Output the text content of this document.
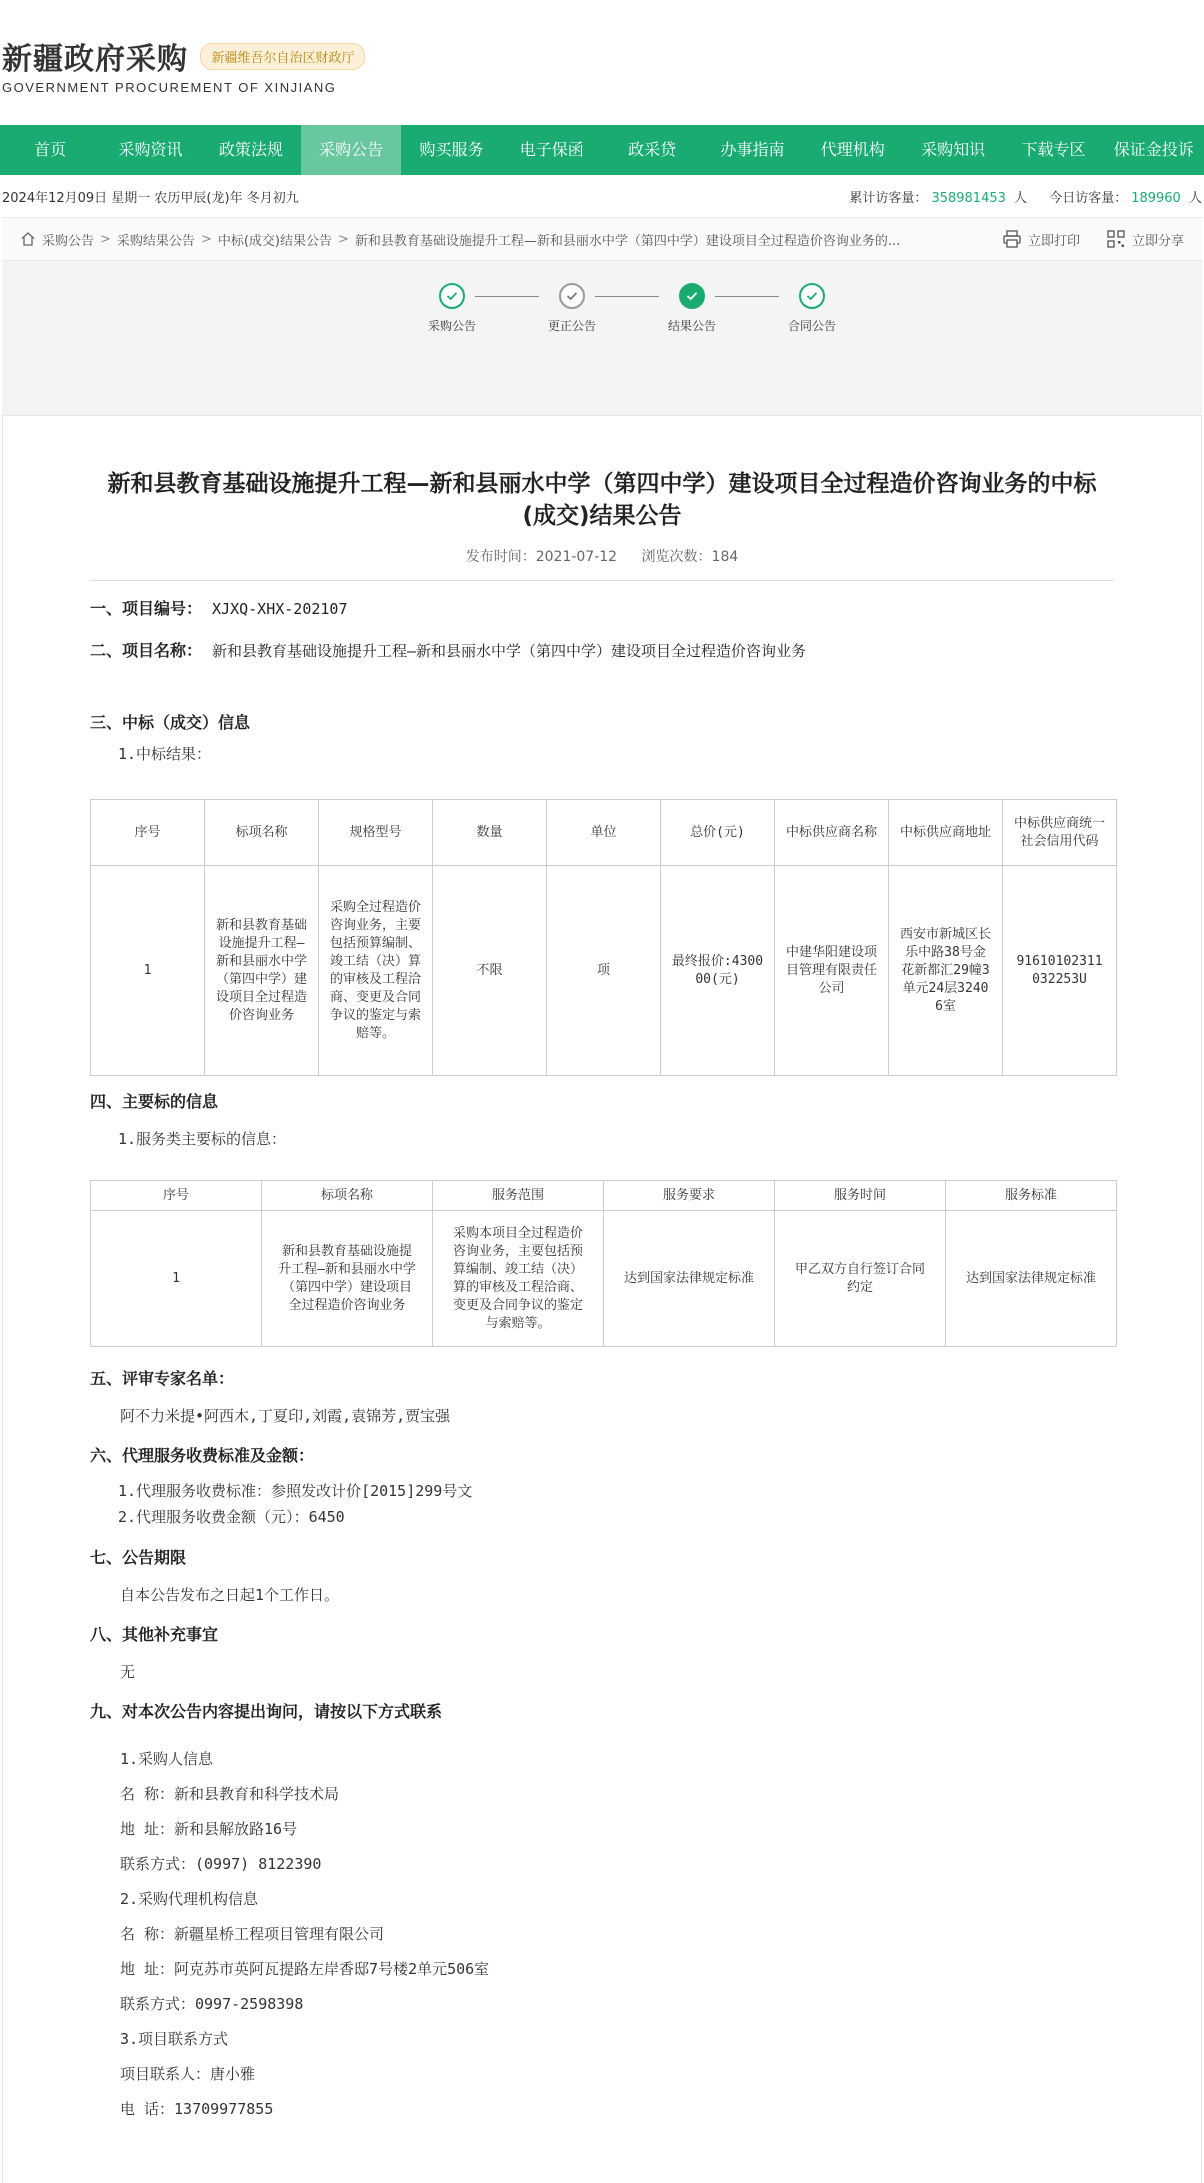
新疆政府采购 新疆维吾尔自治区财政厅
GOVERNMENT PROCUREMENT OF XINJIANG
首页	采购资讯	政策法规	采购公告	购买服务	电子保函	政采贷	办事指南	代理机构	采购知识	下载专区	保证金投诉
2024年12月09日 星期一 农历甲辰(龙)年 冬月初九	累计访客量： 358981453 人 今日访客量： 189960 人
采购公告 > 采购结果公告 > 中标(成交)结果公告 > 新和县教育基础设施提升工程—新和县丽水中学（第四中学）建设项目全过程造价咨询业务的...	立即打印	立即分享
采购公告	更正公告	结果公告	合同公告
新和县教育基础设施提升工程—新和县丽水中学（第四中学）建设项目全过程造价咨询业务的中标(成交)结果公告
发布时间：2021-07-12 浏览次数：184
一、项目编号： XJXQ-XHX-202107
二、项目名称： 新和县教育基础设施提升工程—新和县丽水中学（第四中学）建设项目全过程造价咨询业务
三、中标（成交）信息
1.中标结果：
序号	标项名称	规格型号	数量	单位	总价(元)	中标供应商名称	中标供应商地址	中标供应商统一社会信用代码
1	新和县教育基础设施提升工程—新和县丽水中学（第四中学）建设项目全过程造价咨询业务	采购全过程造价咨询业务，主要包括预算编制、竣工结（决）算的审核及工程洽商、变更及合同争议的鉴定与索赔等。	不限	项	最终报价:430000(元)	中建华阳建设项目管理有限责任公司	西安市新城区长乐中路38号金花新都汇29幢3单元24层32406室	91610102311032253U
四、主要标的信息
1.服务类主要标的信息：
序号	标项名称	服务范围	服务要求	服务时间	服务标准
1	新和县教育基础设施提升工程—新和县丽水中学（第四中学）建设项目全过程造价咨询业务	采购本项目全过程造价咨询业务，主要包括预算编制、竣工结（决）算的审核及工程洽商、变更及合同争议的鉴定与索赔等。	达到国家法律规定标准	甲乙双方自行签订合同约定	达到国家法律规定标准
五、评审专家名单：
阿不力米提•阿西木,丁夏印,刘霞,袁锦芳,贾宝强
六、代理服务收费标准及金额：
1.代理服务收费标准：参照发改计价[2015]299号文
2.代理服务收费金额（元）：6450
七、公告期限
自本公告发布之日起1个工作日。
八、其他补充事宜
无
九、对本次公告内容提出询问，请按以下方式联系
1.采购人信息
名 称：新和县教育和科学技术局
地 址：新和县解放路16号
联系方式：(0997) 8122390
2.采购代理机构信息
名 称：新疆星桥工程项目管理有限公司
地 址：阿克苏市英阿瓦提路左岸香邸7号楼2单元506室
联系方式：0997-2598398
3.项目联系方式
项目联系人：唐小雅
电 话：13709977855
